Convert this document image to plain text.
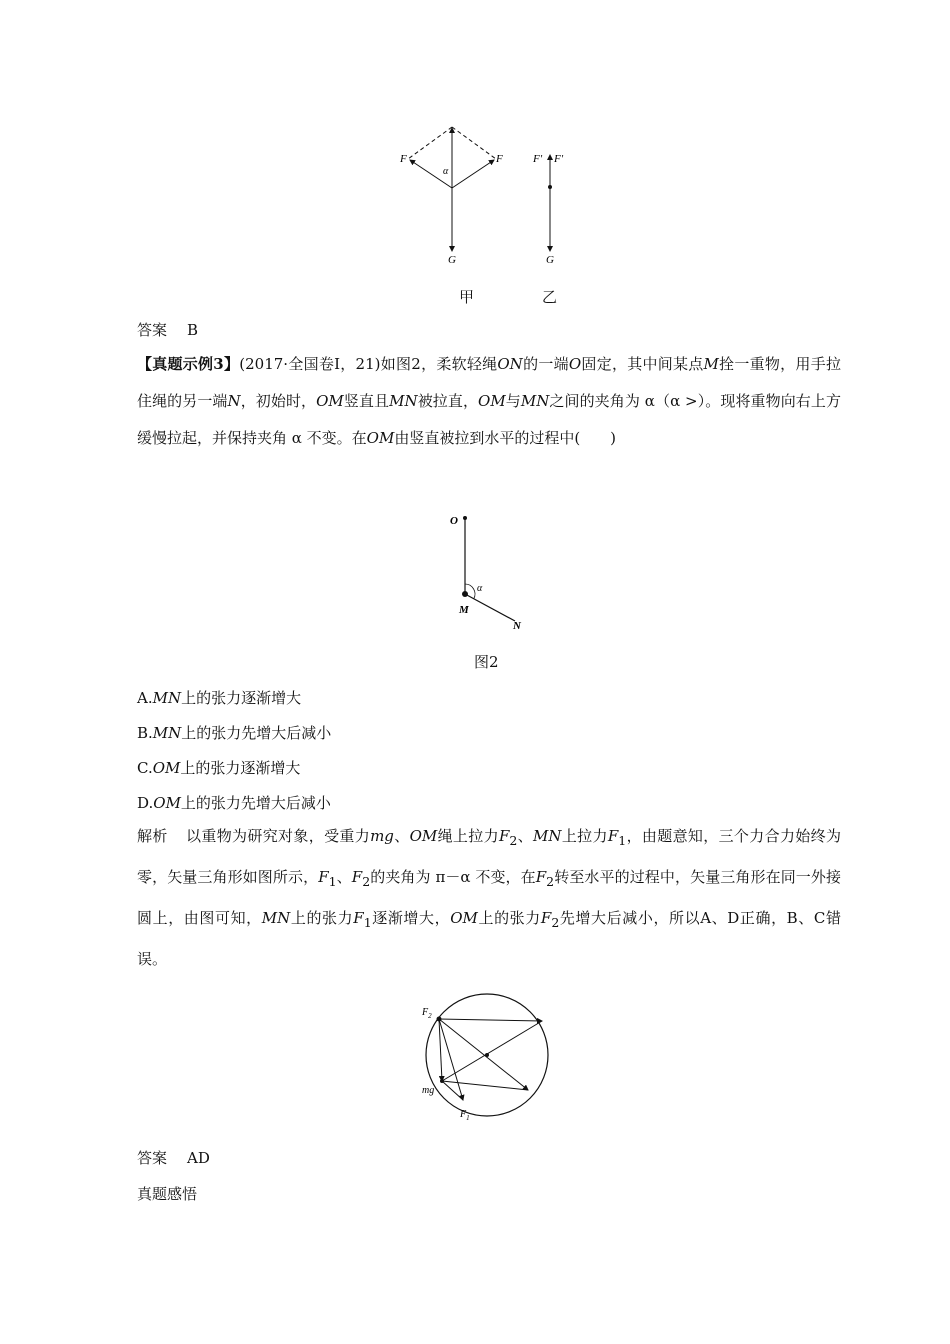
F	F
α
G
F′ F′
G
甲	乙
答案 B
【真题示例3】(2017·全国卷Ⅰ，21)如图2，柔软轻绳ON的一端O固定，其中间某点M拴一重物，用手拉住绳的另一端N，初始时，OM竖直且MN被拉直，OM与MN之间的夹角为 α（α >）。现将重物向右上方缓慢拉起，并保持夹角 α 不变。在OM由竖直被拉到水平的过程中(　　)
O
α
M
N
图2
A.MN上的张力逐渐增大
B.MN上的张力先增大后减小
C.OM上的张力逐渐增大
D.OM上的张力先增大后减小
解析 以重物为研究对象，受重力mg、OM绳上拉力$F_2$、MN上拉力$F_1$，由题意知，三个力合力始终为零，矢量三角形如图所示，$F_1$、$F_2$的夹角为 π－α 不变，在$F_2$转至水平的过程中，矢量三角形在同一外接圆上，由图可知，MN上的张力$F_1$逐渐增大，OM上的张力$F_2$先增大后减小，所以A、D正确，B、C错误。
$F_2$
mg
$F_1$
答案 AD
真题感悟
